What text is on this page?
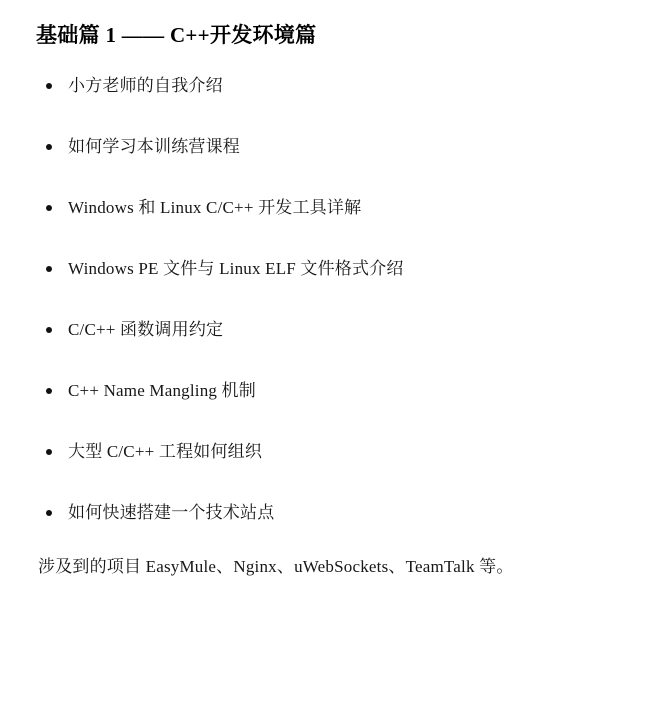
基础篇 1 —— C++开发环境篇
小方老师的自我介绍
如何学习本训练营课程
Windows 和 Linux C/C++ 开发工具详解
Windows PE 文件与 Linux ELF 文件格式介绍
C/C++ 函数调用约定
C++ Name Mangling 机制
大型 C/C++ 工程如何组织
如何快速搭建一个技术站点

涉及到的项目 EasyMule、Nginx、uWebSockets、TeamTalk 等。
